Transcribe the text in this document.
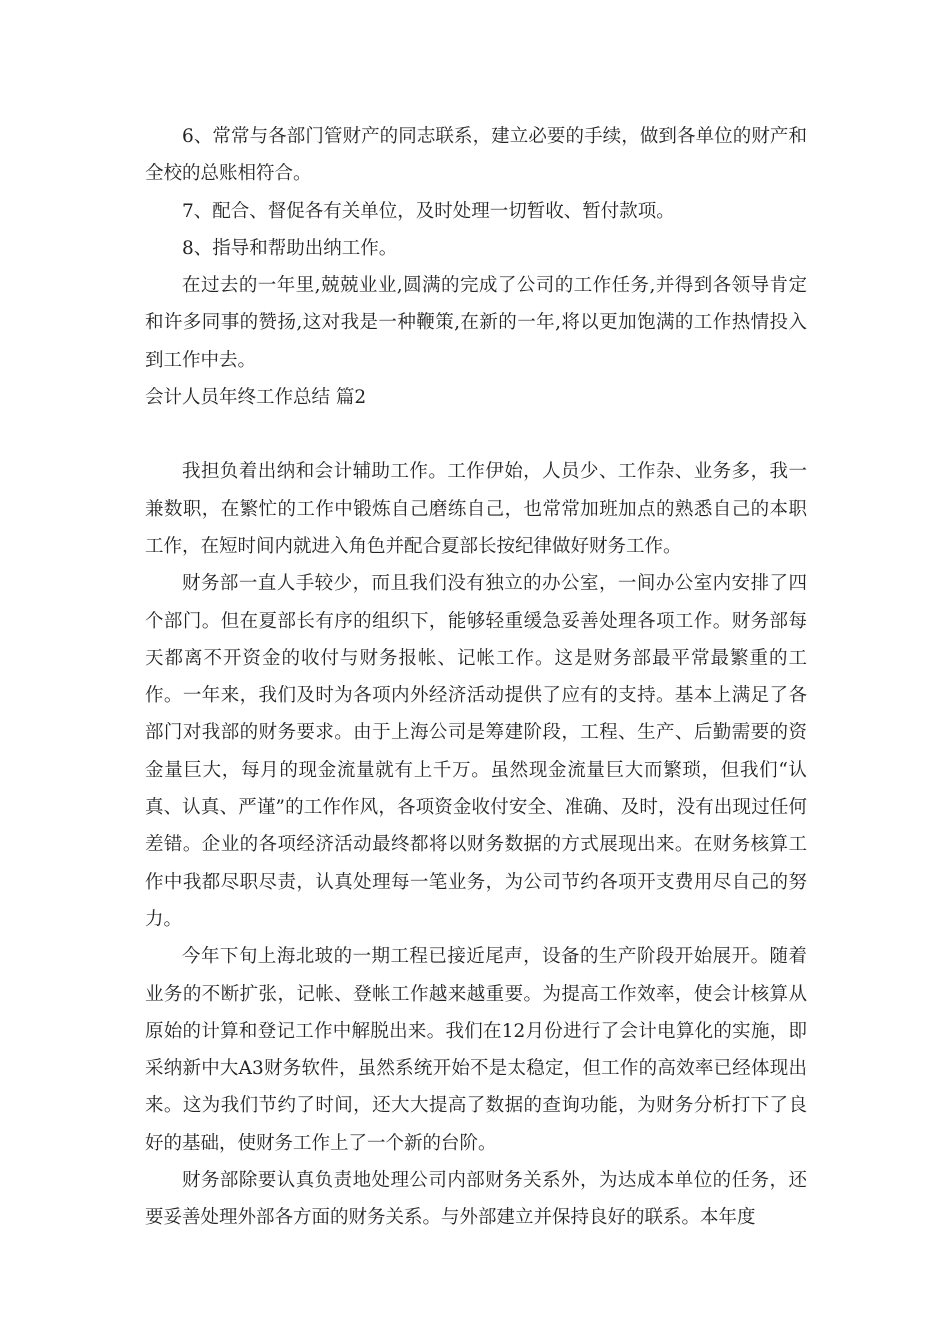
6、常常与各部门管财产的同志联系，建立必要的手续，做到各单位的财产和全校的总账相符合。

7、配合、督促各有关单位，及时处理一切暂收、暂付款项。

8、指导和帮助出纳工作。

在过去的一年里,兢兢业业,圆满的完成了公司的工作任务,并得到各领导肯定和许多同事的赞扬,这对我是一种鞭策,在新的一年,将以更加饱满的工作热情投入到工作中去。

会计人员年终工作总结 篇2

我担负着出纳和会计辅助工作。工作伊始，人员少、工作杂、业务多，我一兼数职，在繁忙的工作中锻炼自己磨练自己，也常常加班加点的熟悉自己的本职工作，在短时间内就进入角色并配合夏部长按纪律做好财务工作。

财务部一直人手较少，而且我们没有独立的办公室，一间办公室内安排了四个部门。但在夏部长有序的组织下，能够轻重缓急妥善处理各项工作。财务部每天都离不开资金的收付与财务报帐、记帐工作。这是财务部最平常最繁重的工作。一年来，我们及时为各项内外经济活动提供了应有的支持。基本上满足了各部门对我部的财务要求。由于上海公司是筹建阶段，工程、生产、后勤需要的资金量巨大，每月的现金流量就有上千万。虽然现金流量巨大而繁琐，但我们“认真、认真、严谨”的工作作风，各项资金收付安全、准确、及时，没有出现过任何差错。企业的各项经济活动最终都将以财务数据的方式展现出来。在财务核算工作中我都尽职尽责，认真处理每一笔业务，为公司节约各项开支费用尽自己的努力。

今年下旬上海北玻的一期工程已接近尾声，设备的生产阶段开始展开。随着业务的不断扩张，记帐、登帐工作越来越重要。为提高工作效率，使会计核算从原始的计算和登记工作中解脱出来。我们在12月份进行了会计电算化的实施，即采纳新中大A3财务软件，虽然系统开始不是太稳定，但工作的高效率已经体现出来。这为我们节约了时间，还大大提高了数据的查询功能，为财务分析打下了良好的基础，使财务工作上了一个新的台阶。

财务部除要认真负责地处理公司内部财务关系外，为达成本单位的任务，还要妥善处理外部各方面的财务关系。与外部建立并保持良好的联系。本年度
